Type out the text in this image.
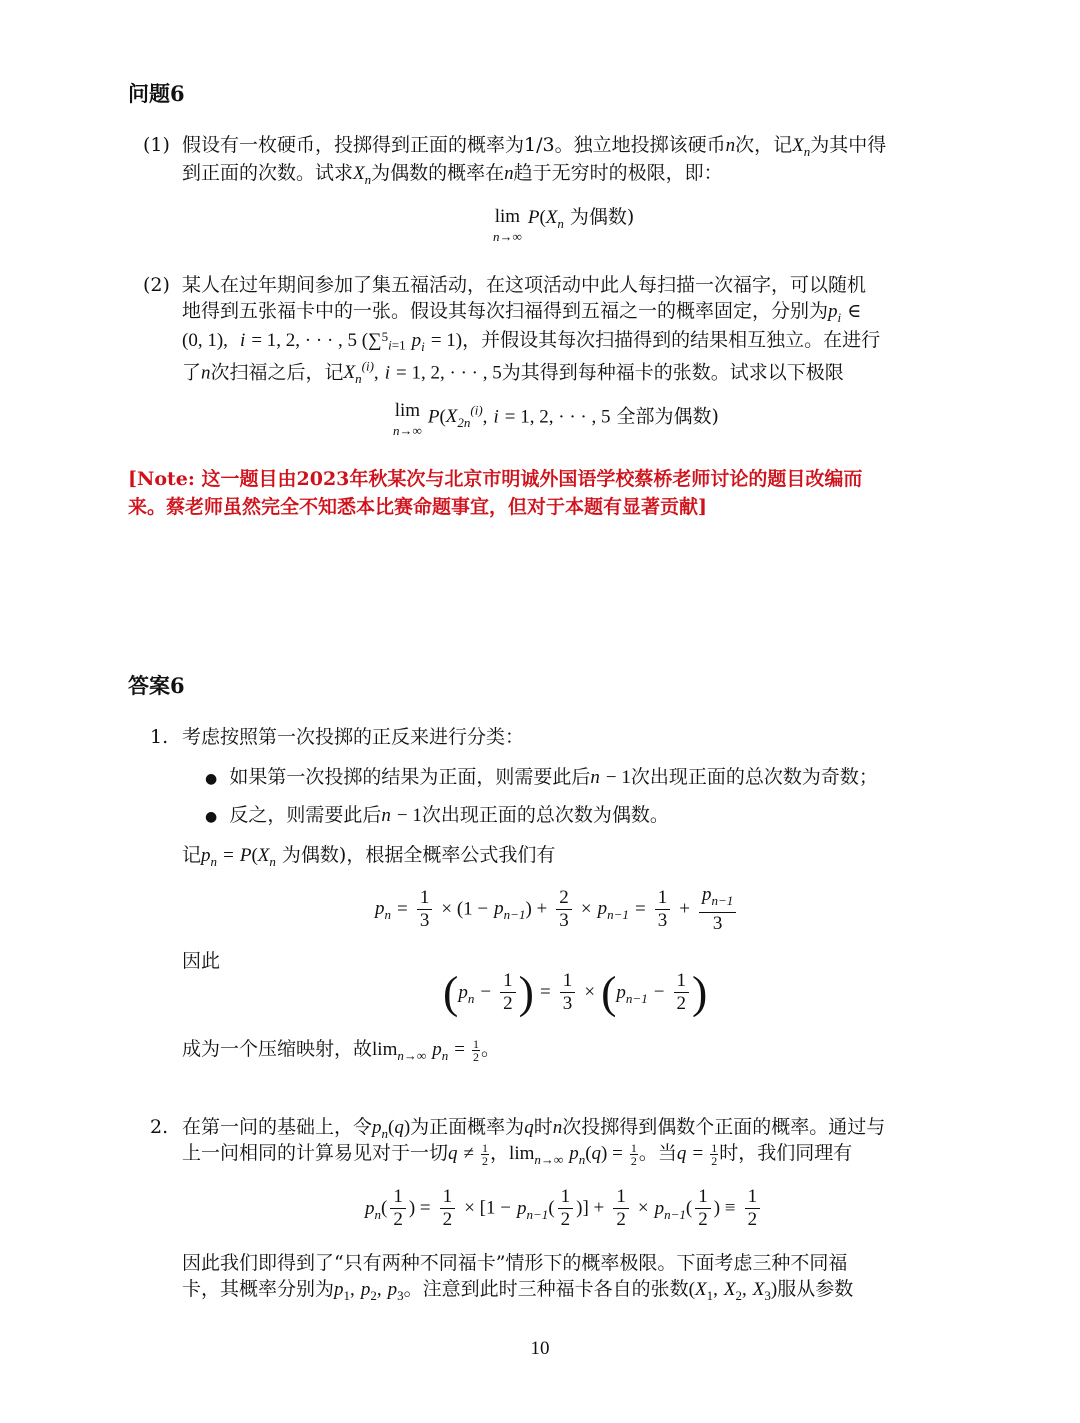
问题6
(1) 假设有一枚硬币，投掷得到正面的概率为1/3。独立地投掷该硬币n次，记$X_n$为其中得
到正面的次数。试求$X_n$为偶数的概率在n趋于无穷时的极限，即：
lim
n→∞
$P(X_n$ 为偶数)
(2) 某人在过年期间参加了集五福活动，在这项活动中此人每扫描一次福字，可以随机
地得到五张福卡中的一张。假设其每次扫福得到五福之一的概率固定，分别为$p_i$ ∈
(0, 1), i = 1, 2, · · · , 5 (∑$^5_{i=1}$ $p_i = 1$)，并假设其每次扫描得到的结果相互独立。在进行
了n次扫福之后，记$X_n^{(i)}$, i = 1, 2, · · · , 5为其得到每种福卡的张数。试求以下极限
lim
n→∞
$P(X_{2n}^{(i)}$, i = 1, 2, · · · , 5 全部为偶数)
[Note: 这一题目由2023年秋某次与北京市明诚外国语学校蔡桥老师讨论的题目改编而
来。蔡老师虽然完全不知悉本比赛命题事宜，但对于本题有显著贡献]
答案6
1. 考虑按照第一次投掷的正反来进行分类：
● 如果第一次投掷的结果为正面，则需要此后n − 1次出现正面的总次数为奇数；
● 反之，则需要此后n − 1次出现正面的总次数为偶数。
记$p_n = P(X_n$ 为偶数)，根据全概率公式我们有
$p_n = \frac{1}{3} \times (1 - p_{n-1}) + \frac{2}{3} \times p_{n-1} = \frac{1}{3} + \frac{p_{n-1}}{3}$
因此
($p_n - \frac{1}{2}$ ) = $\frac{1}{3} \times (p_{n-1} - \frac{1}{2}$ )
成为一个压缩映射，故$\lim_{n\to\infty} p_n = \frac{1}{2}$ 。
2. 在第一问的基础上，令$p_n(q)$为正面概率为q时n次投掷得到偶数个正面的概率。通过与
上一问相同的计算易见对于一切$q \ne \frac{1}{2}$ ，$\lim_{n\to\infty} p_n(q) = \frac{1}{2}$ 。当$q = \frac{1}{2}$ 时，我们同理有
$p_n( \frac{1}{2}$ ) = $\frac{1}{2} \times [1 - p_{n-1}( \frac{1}{2}$ )] + $\frac{1}{2} \times p_{n-1}( \frac{1}{2}$ ) ≡ $\frac{1}{2}$
因此我们即得到了“只有两种不同福卡”情形下的概率极限。下面考虑三种不同福
卡，其概率分别为$p_1$, $p_2$, $p_3$。注意到此时三种福卡各自的张数($X_1$, $X_2$, $X_3$)服从参数
10
